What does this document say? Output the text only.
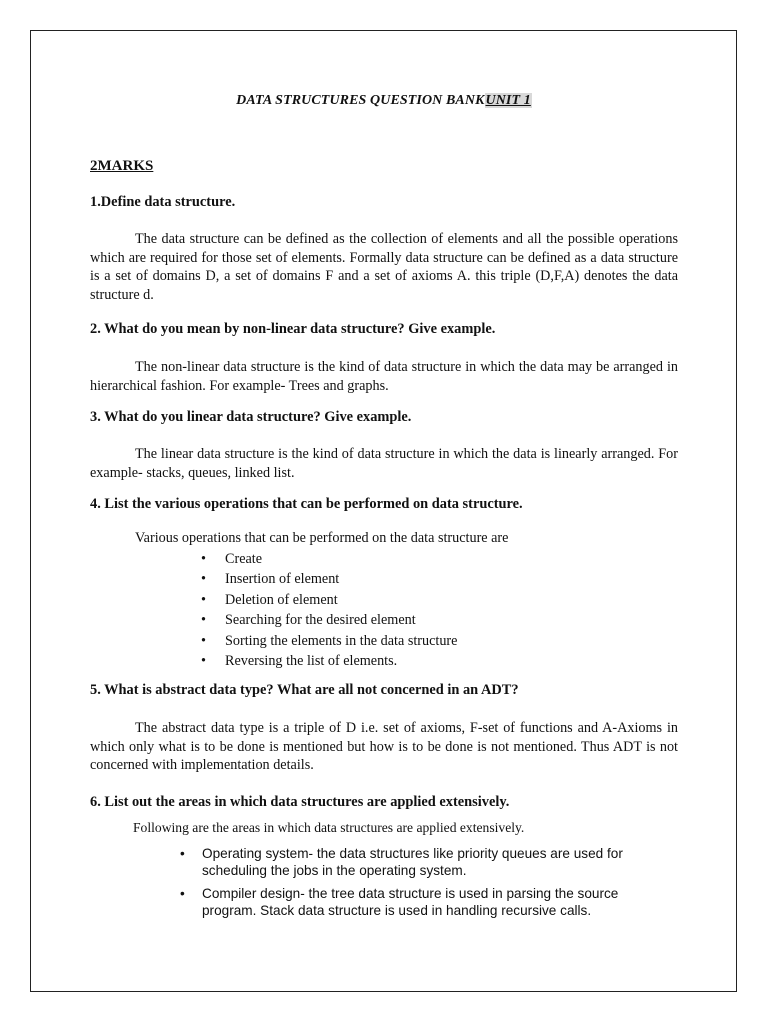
DATA STRUCTURES QUESTION BANKUNIT 1
2MARKS
1.Define data structure.

The data structure can be defined as the collection of elements and all the possible operations which are required for those set of elements. Formally data structure can be defined as a data structure is a set of domains D, a set of domains F and a set of axioms A. this triple (D,F,A) denotes the data structure d.

2. What do you mean by non-linear data structure? Give example.

The non-linear data structure is the kind of data structure in which the data may be arranged in hierarchical fashion. For example- Trees and graphs.

3. What do you linear data structure? Give example.

The linear data structure is the kind of data structure in which the data is linearly arranged. For example- stacks, queues, linked list.

4. List the various operations that can be performed on data structure.
Various operations that can be performed on the data structure are
• Create
• Insertion of element
• Deletion of element
• Searching for the desired element
• Sorting the elements in the data structure
• Reversing the list of elements.
5. What is abstract data type? What are all not concerned in an ADT?

The abstract data type is a triple of D i.e. set of axioms, F-set of functions and A-Axioms in which only what is to be done is mentioned but how is to be done is not mentioned. Thus ADT is not concerned with implementation details.

6. List out the areas in which data structures are applied extensively.
Following are the areas in which data structures are applied extensively.
• Operating system- the data structures like priority queues are used for scheduling the jobs in the operating system.
• Compiler design- the tree data structure is used in parsing the source program. Stack data structure is used in handling recursive calls.
